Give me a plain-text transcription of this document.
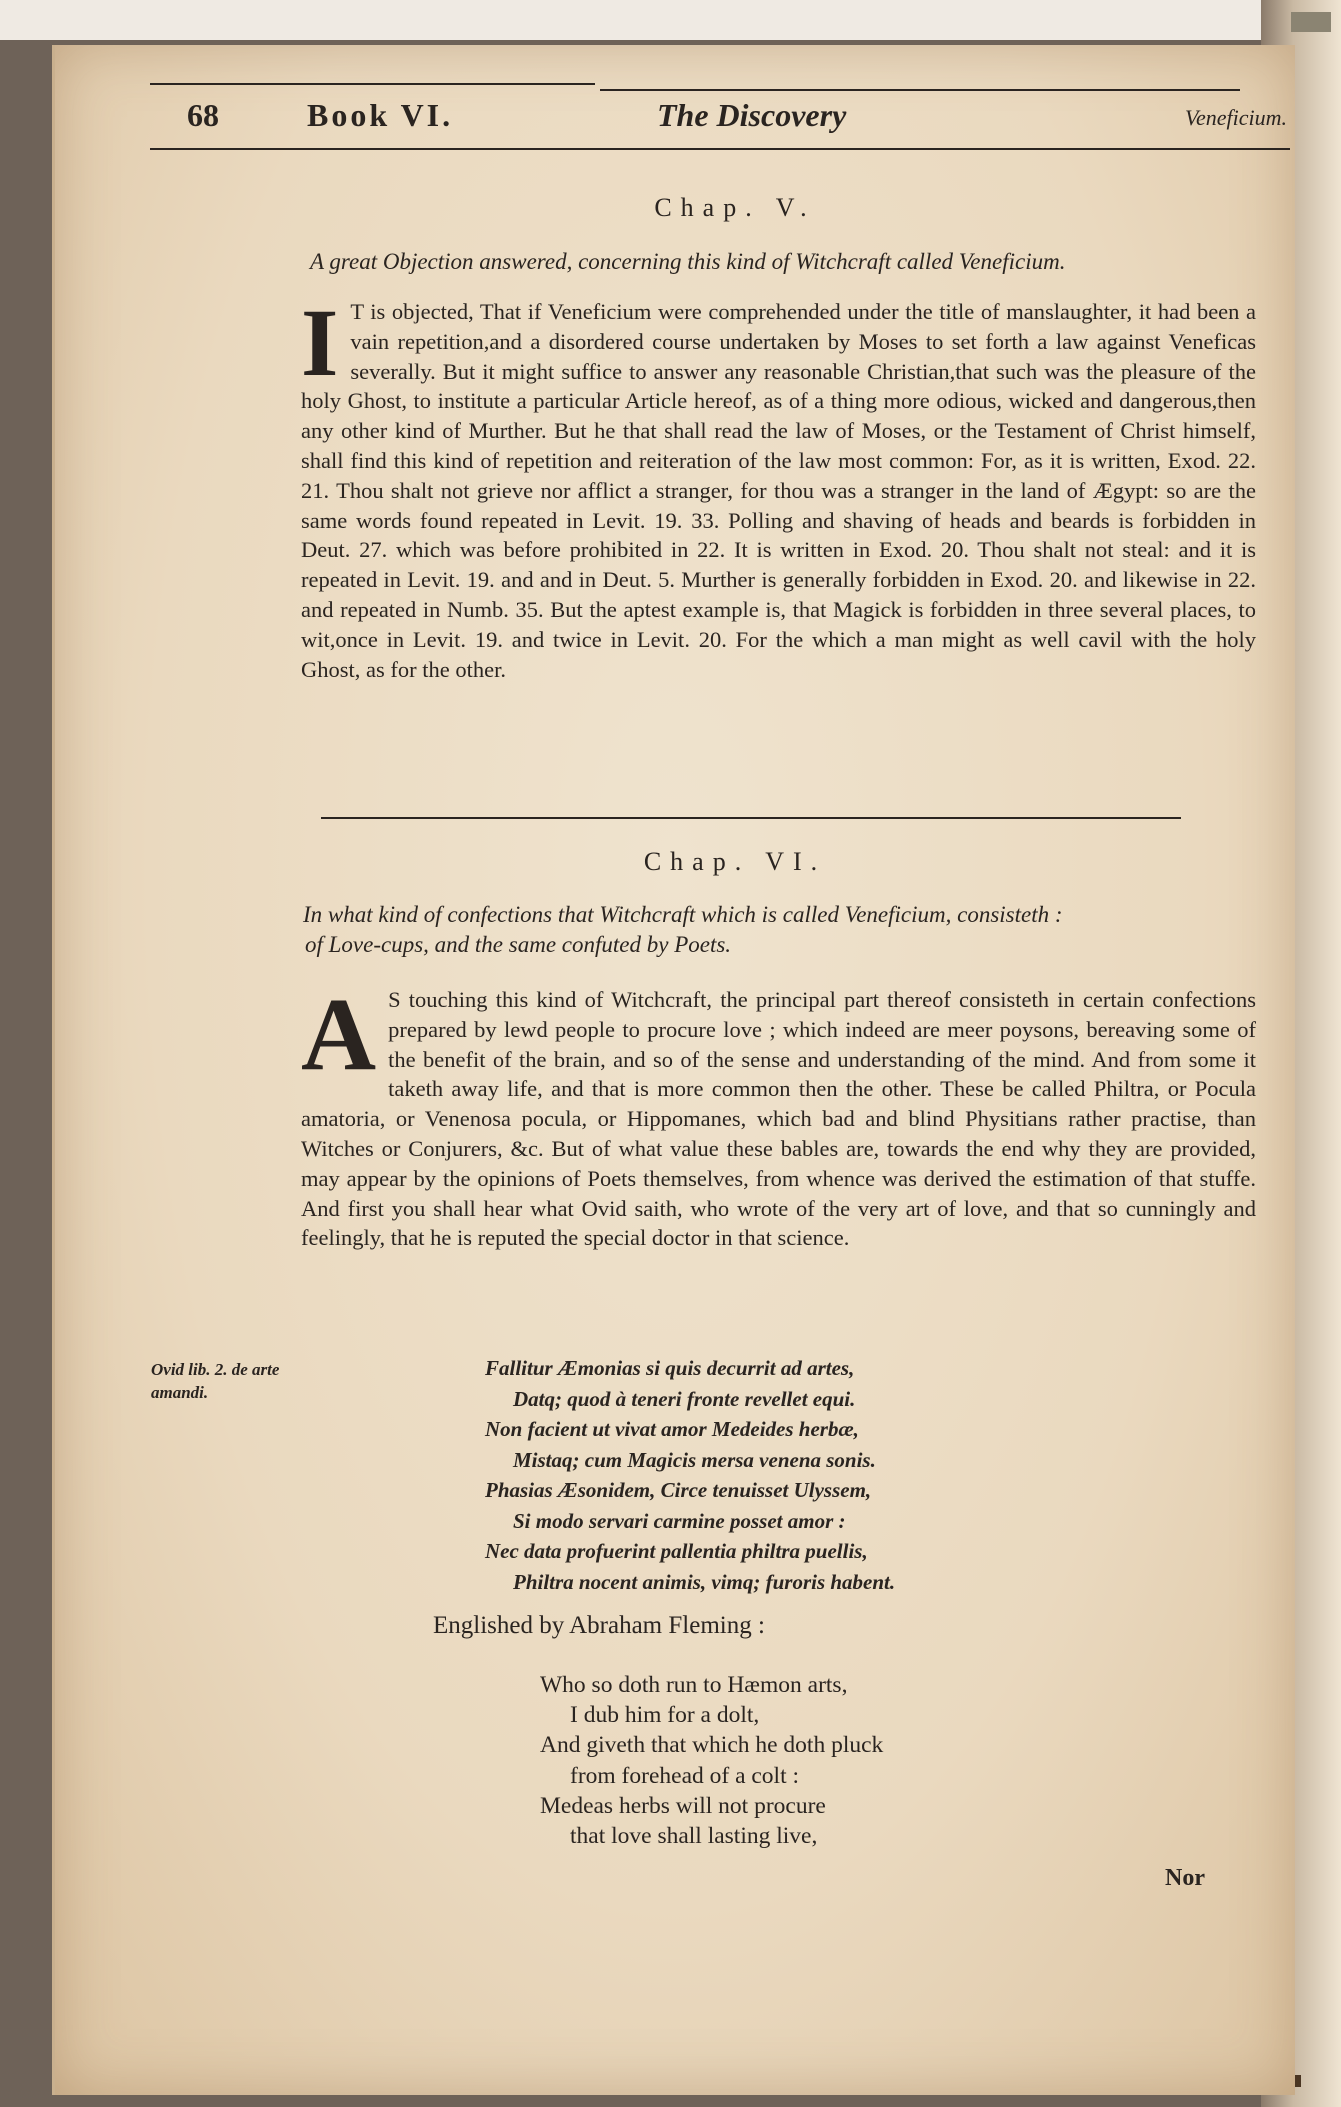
68	Book VI.	The Discovery	Veneficium.
Chap. V.
A great Objection answered, concerning this kind of Witchcraft called Veneficium.
I T is objected, That if Veneficium were comprehended under the title of manslaughter, it had been a vain repetition,and a disordered course undertaken by Moses to set forth a law against Veneficas severally. But it might suffice to answer any reasonable Christian,that such was the pleasure of the holy Ghost, to institute a particular Article hereof, as of a thing more odious, wicked and dangerous,then any other kind of Murther. But he that shall read the law of Moses, or the Testament of Christ himself, shall find this kind of repetition and reiteration of the law most common: For, as it is written, Exod. 22. 21. Thou shalt not grieve nor afflict a stranger, for thou was a stranger in the land of Ægypt: so are the same words found repeated in Levit. 19. 33. Polling and shaving of heads and beards is forbidden in Deut. 27. which was before prohibited in 22. It is written in Exod. 20. Thou shalt not steal: and it is repeated in Levit. 19. and and in Deut. 5. Murther is generally forbidden in Exod. 20. and likewise in 22. and repeated in Numb. 35. But the aptest example is, that Magick is forbidden in three several places, to wit,once in Levit. 19. and twice in Levit. 20. For the which a man might as well cavil with the holy Ghost, as for the other.
Chap. VI.
In what kind of confections that Witchcraft which is called Veneficium, consisteth :
of Love-cups, and the same confuted by Poets.
A S touching this kind of Witchcraft, the principal part thereof consisteth in certain confections prepared by lewd people to procure love ; which indeed are meer poysons, bereaving some of the benefit of the brain, and so of the sense and understanding of the mind. And from some it taketh away life, and that is more common then the other. These be called Philtra, or Pocula amatoria, or Venenosa pocula, or Hippomanes, which bad and blind Physitians rather practise, than Witches or Conjurers, &c. But of what value these bables are, towards the end why they are provided, may appear by the opinions of Poets themselves, from whence was derived the estimation of that stuffe. And first you shall hear what Ovid saith, who wrote of the very art of love, and that so cunningly and feelingly, that he is reputed the special doctor in that science.
Ovid lib. 2. de arte amandi.
Fallitur Æmonias si quis decurrit ad artes,
Datq; quod à teneri fronte revellet equi.
Non facient ut vivat amor Medeides herbæ,
Mistaq; cum Magicis mersa venena sonis.
Phasias Æsonidem, Circe tenuisset Ulyssem,
Si modo servari carmine posset amor :
Nec data profuerint pallentia philtra puellis,
Philtra nocent animis, vimq; furoris habent.
Englished by Abraham Fleming :
Who so doth run to Hæmon arts,
I dub him for a dolt,
And giveth that which he doth pluck
from forehead of a colt :
Medeas herbs will not procure
that love shall lasting live,
Nor
